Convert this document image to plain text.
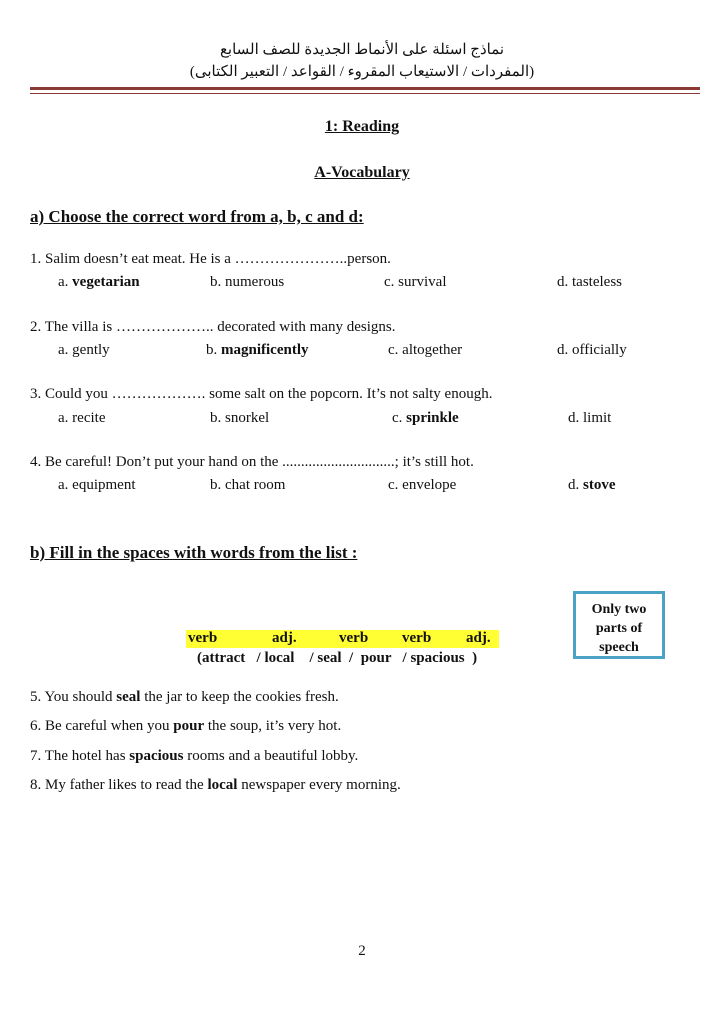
نماذج اسئلة على الأنماط الجديدة للصف السابع
(المفردات / الاستيعاب المقروء / القواعد / التعبير الكتابى)
1: Reading
A-Vocabulary
a) Choose the correct word from a, b, c and d:
1. Salim doesn’t eat meat. He is a …………………..person.
a. vegetarian	b. numerous	c. survival	d. tasteless
2. The villa is ……………….. decorated with many designs.
a. gently	b. magnificently	c. altogether	d. officially
3. Could you ………………. some salt on the popcorn. It’s not salty enough.
a. recite	b. snorkel	c. sprinkle	d. limit
4. Be careful! Don’t put your hand on the ..............................; it’s still hot.
a. equipment	b. chat room	c. envelope	d. stove
b) Fill in the spaces with words from the list :
Only two
parts of
speech
verb	adj.	verb verb adj.
(attract   / local    / seal  /  pour   / spacious  )
5. You should seal the jar to keep the cookies fresh.
6. Be careful when you pour the soup, it’s very hot.
7. The hotel has spacious rooms and a beautiful lobby.
8. My father likes to read the local newspaper every morning.
2
